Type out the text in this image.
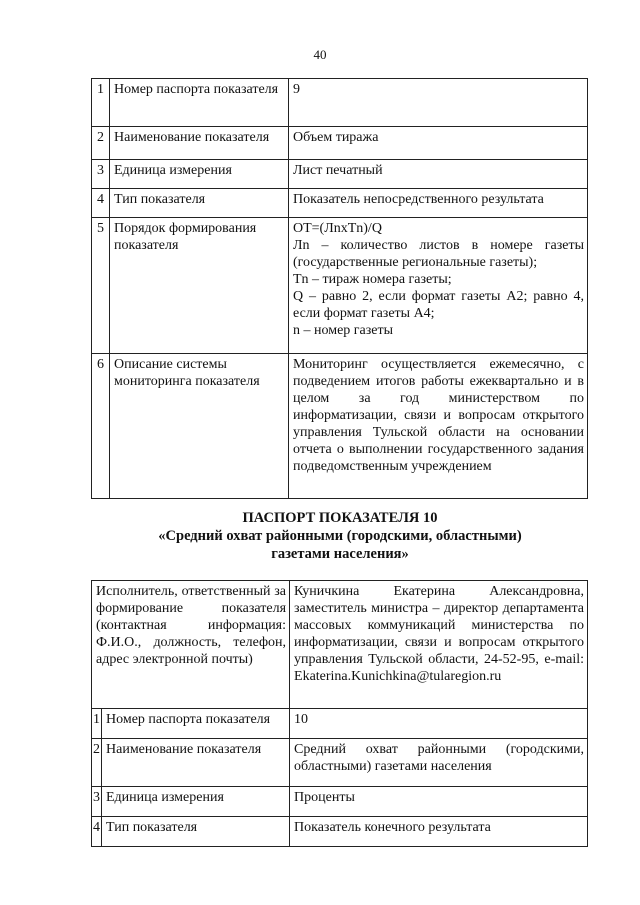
40
1	Номер паспорта показателя	9
2	Наименование показателя	Объем тиража
3	Единица измерения	Лист печатный
4	Тип показателя	Показатель непосредственного результата
5	Порядок формирования показателя	ОТ=(ЛnxТn)/Q
Лn – количество листов в номере газеты (государственные региональные газеты);
Тn – тираж номера газеты;
Q – равно 2, если формат газеты А2; равно 4, если формат газеты А4;
n – номер газеты

6	Описание системы мониторинга показателя	Мониторинг осуществляется ежемесячно, с подведением итогов работы ежеквартально и в целом за год министерством по информатизации, связи и вопросам открытого управления Тульской области на основании отчета о выполнении государственного задания подведомственным учреждением
ПАСПОРТ ПОКАЗАТЕЛЯ 10
«Средний охват районными (городскими, областными)
газетами населения»
Исполнитель, ответственный за формирование показателя (контактная информация: Ф.И.О., должность, телефон, адрес электронной почты)		Куничкина Екатерина Александровна, заместитель министра – директор департамента массовых коммуникаций министерства по информатизации, связи и вопросам открытого управления Тульской области, 24-52-95, e-mail: Ekaterina.Kunichkina@tularegion.ru
1	Номер паспорта показателя	10
2	Наименование показателя	Средний охват районными (городскими, областными) газетами населения
3	Единица измерения	Проценты
4	Тип показателя	Показатель конечного результата
